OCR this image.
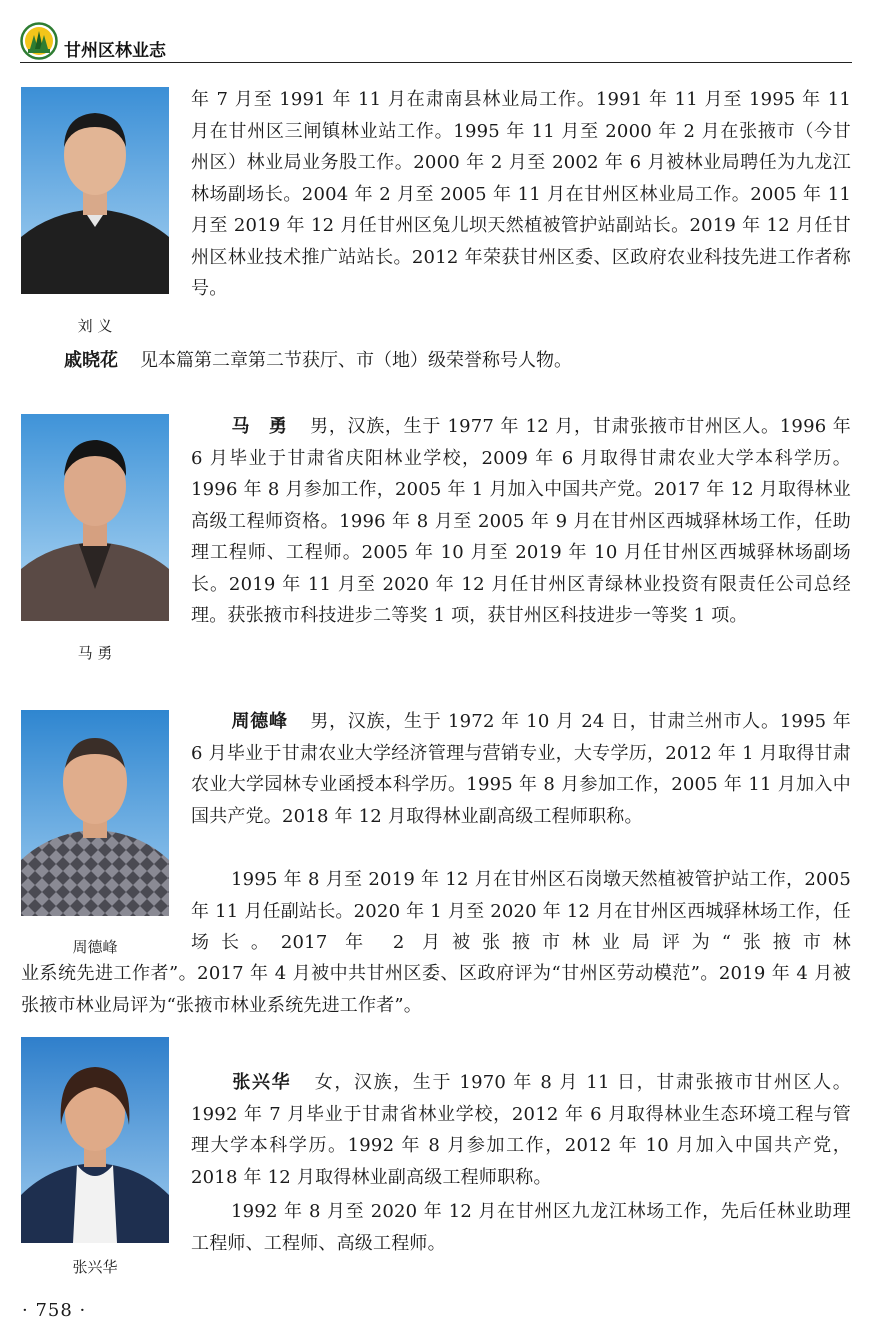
甘州区林业志
刘 义

年 7 月至 1991 年 11 月在肃南县林业局工作。1991 年 11 月至 1995 年 11 月在甘州区三闸镇林业站工作。1995 年 11 月至 2000 年 2 月在张掖市（今甘州区）林业局业务股工作。2000 年 2 月至 2002 年 6 月被林业局聘任为九龙江林场副场长。2004 年 2 月至 2005 年 11 月在甘州区林业局工作。2005 年 11 月至 2019 年 12 月任甘州区兔儿坝天然植被管护站副站长。2019 年 12 月任甘州区林业技术推广站站长。2012 年荣获甘州区委、区政府农业科技先进工作者称号。

戚晓花 见本篇第二章第二节获厅、市（地）级荣誉称号人物。
马 勇

马　勇 男，汉族，生于 1977 年 12 月，甘肃张掖市甘州区人。1996 年 6 月毕业于甘肃省庆阳林业学校，2009 年 6 月取得甘肃农业大学本科学历。1996 年 8 月参加工作，2005 年 1 月加入中国共产党。2017 年 12 月取得林业高级工程师资格。1996 年 8 月至 2005 年 9 月在甘州区西城驿林场工作，任助理工程师、工程师。2005 年 10 月至 2019 年 10 月任甘州区西城驿林场副场长。2019 年 11 月至 2020 年 12 月任甘州区青绿林业投资有限责任公司总经理。获张掖市科技进步二等奖 1 项，获甘州区科技进步一等奖 1 项。

周德峰

周德峰 男，汉族，生于 1972 年 10 月 24 日，甘肃兰州市人。1995 年 6 月毕业于甘肃农业大学经济管理与营销专业，大专学历，2012 年 1 月取得甘肃农业大学园林专业函授本科学历。1995 年 8 月参加工作，2005 年 11 月加入中国共产党。2018 年 12 月取得林业副高级工程师职称。

1995 年 8 月至 2019 年 12 月在甘州区石岗墩天然植被管护站工作，2005 年 11 月任副站长。2020 年 1 月至 2020 年 12 月在甘州区西城驿林场工作，任场长。2017 年 2 月被张掖市林业局评为“张掖市林

业系统先进工作者”。2017 年 4 月被中共甘州区委、区政府评为“甘州区劳动模范”。2019 年 4 月被张掖市林业局评为“张掖市林业系统先进工作者”。

张兴华

张兴华 女，汉族，生于 1970 年 8 月 11 日，甘肃张掖市甘州区人。1992 年 7 月毕业于甘肃省林业学校，2012 年 6 月取得林业生态环境工程与管理大学本科学历。1992 年 8 月参加工作，2012 年 10 月加入中国共产党，2018 年 12 月取得林业副高级工程师职称。

1992 年 8 月至 2020 年 12 月在甘州区九龙江林场工作，先后任林业助理工程师、工程师、高级工程师。

· 758 ·
